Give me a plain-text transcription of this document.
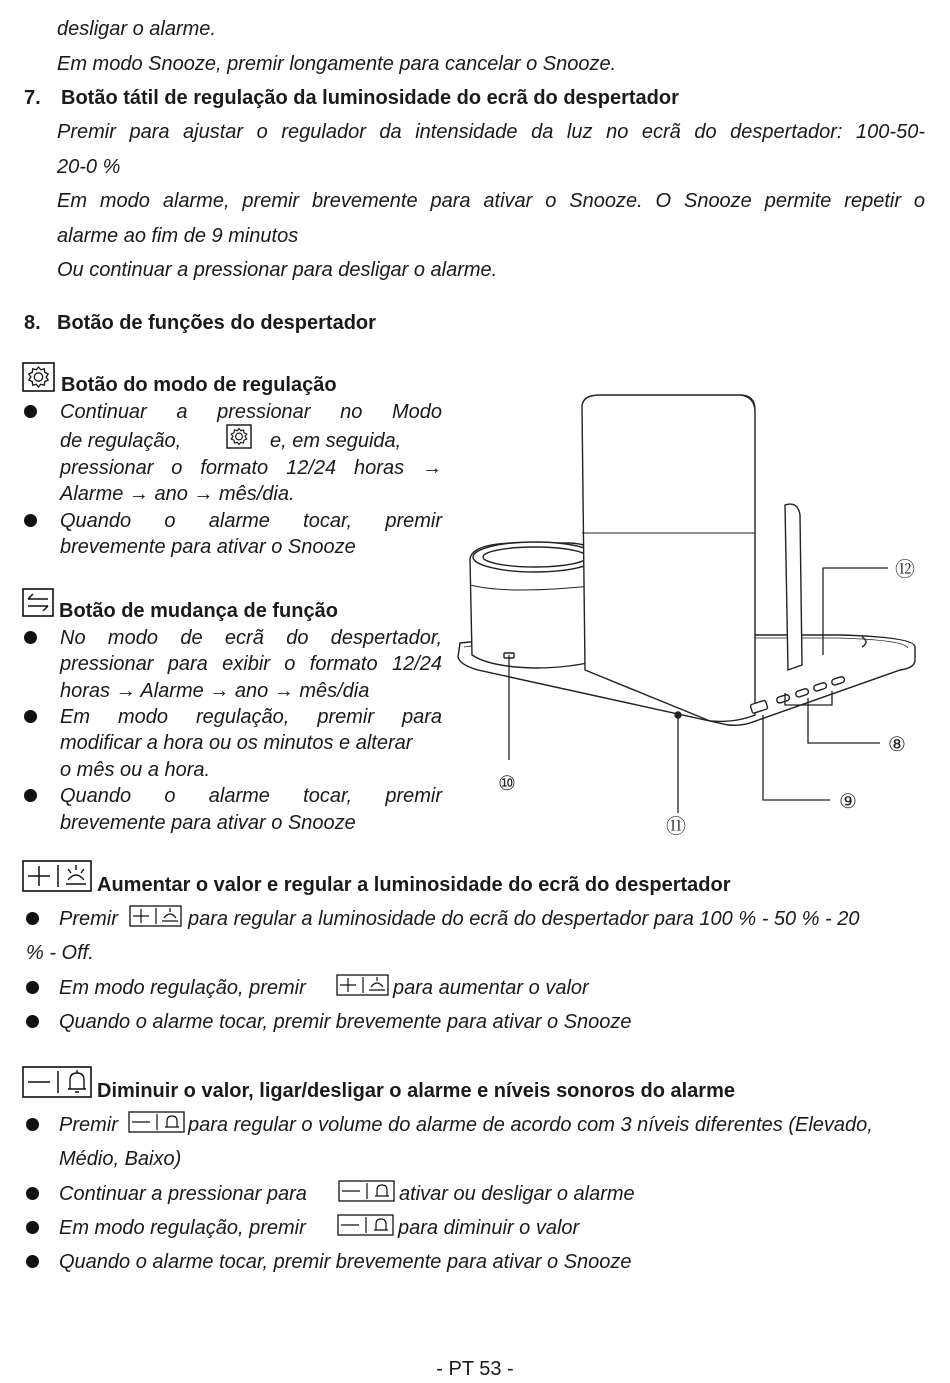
desligar o alarme.
Em modo Snooze, premir longamente para cancelar o Snooze.
7. Botão tátil de regulação da luminosidade do ecrã do despertador
Premir para ajustar o regulador da intensidade da luz no ecrã do despertador: 100-50-
20-0 %
Em modo alarme, premir brevemente para ativar o Snooze. O Snooze permite repetir o
alarme ao fim de 9 minutos
Ou continuar a pressionar para desligar o alarme.
8. Botão de funções do despertador
Botão do modo de regulação
Continuar a pressionar no Modo
de regulação,	e, em seguida,
pressionar o formato 12/24 horas →
Alarme → ano → mês/dia.
Quando o alarme tocar, premir
brevemente para ativar o Snooze
Botão de mudança de função
No modo de ecrã do despertador,
pressionar para exibir o formato 12/24
horas → Alarme → ano → mês/dia
Em modo regulação, premir para
modificar a hora ou os minutos e alterar
o mês ou a hora.
Quando o alarme tocar, premir
brevemente para ativar o Snooze
⑫
⑧
⑨
⑩
⑪
Aumentar o valor e regular a luminosidade do ecrã do despertador
Premir	para regular a luminosidade do ecrã do despertador para 100 % - 50 % - 20
% - Off.
Em modo regulação, premir	para aumentar o valor
Quando o alarme tocar, premir brevemente para ativar o Snooze
Diminuir o valor, ligar/desligar o alarme e níveis sonoros do alarme
Premir	para regular o volume do alarme de acordo com 3 níveis diferentes (Elevado,
Médio, Baixo)
Continuar a pressionar para	ativar ou desligar o alarme
Em modo regulação, premir	para diminuir o valor
Quando o alarme tocar, premir brevemente para ativar o Snooze
- PT 53 -
